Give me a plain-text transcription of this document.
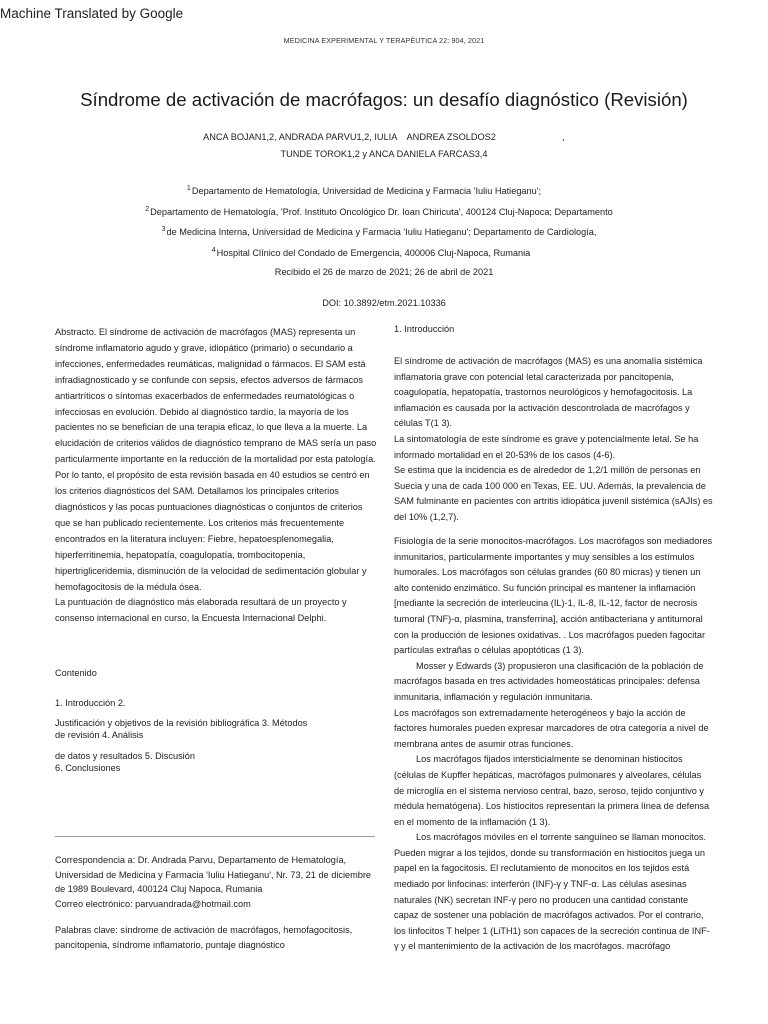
Machine Translated by Google
MEDICINA EXPERIMENTAL Y TERAPÉUTICA 22: 904, 2021
Síndrome de activación de macrófagos: un desafío diagnóstico (Revisión)
ANCA BOJAN1,2, ANDRADA PARVU1,2, IULIA    ANDREA ZSOLDOS2                          ,
TUNDE TOROK1,2 y ANCA DANIELA FARCAS3,4
$^1$Departamento de Hematología, Universidad de Medicina y Farmacia 'Iuliu Hatieganu';
$^2$Departamento de Hematología, 'Prof. Instituto Oncológico Dr. Ioan Chiricuta', 400124 Cluj-Napoca; Departamento
$^3$de Medicina Interna, Universidad de Medicina y Farmacia 'Iuliu Hatieganu'; Departamento de Cardiología,
$^4$Hospital Clínico del Condado de Emergencia, 400006 Cluj-Napoca, Rumania
Recibido el 26 de marzo de 2021; 26 de abril de 2021
DOI: 10.3892/etm.2021.10336

Abstracto. El síndrome de activación de macrófagos (MAS) representa un síndrome inflamatorio agudo y grave, idiopático (primario) o secundario a infecciones, enfermedades reumáticas, malignidad o fármacos. El SAM está infradiagnosticado y se confunde con sepsis, efectos adversos de fármacos antiartríticos o síntomas exacerbados de enfermedades reumatológicas o infecciosas en evolución. Debido al diagnóstico tardío, la mayoría de los pacientes no se benefician de una terapia eficaz, lo que lleva a la muerte. La elucidación de criterios válidos de diagnóstico temprano de MAS sería un paso particularmente importante en la reducción de la mortalidad por esta patología.

Por lo tanto, el propósito de esta revisión basada en 40 estudios se centró en los criterios diagnósticos del SAM. Detallamos los principales criterios diagnósticos y las pocas puntuaciones diagnósticas o conjuntos de criterios que se han publicado recientemente. Los criterios más frecuentemente encontrados en la literatura incluyen: Fiebre, hepatoesplenomegalia, hiperferritinemia, hepatopatía, coagulopatía, trombocitopenia, hipertrigliceridemia, disminución de la velocidad de sedimentación globular y hemofagocitosis de la médula ósea.

La puntuación de diagnóstico más elaborada resultará de un proyecto y consenso internacional en curso, la Encuesta Internacional Delphi.

Contenido

1. Introducción 2.

Justificación y objetivos de la revisión bibliográfica 3. Métodos

de revisión 4. Análisis

de datos y resultados 5. Discusión

6. Conclusiones

Correspondencia a: Dr. Andrada Parvu, Departamento de Hematología, Universidad de Medicina y Farmacia 'Iuliu Hatieganu', Nr. 73, 21 de diciembre de 1989 Boulevard, 400124 Cluj Napoca, Rumania

Correo electrónico: parvuandrada@hotmail.com

Palabras clave: síndrome de activación de macrófagos, hemofagocitosis, pancitopenia, síndrome inflamatorio, puntaje diagnóstico
1. Introducción

El síndrome de activación de macrófagos (MAS) es una anomalía sistémica inflamatoria grave con potencial letal caracterizada por pancitopenia, coagulopatía, hepatopatía, trastornos neurológicos y hemofagocitosis. La inflamación es causada por la activación descontrolada de macrófagos y células T(1 3).

La sintomatología de este síndrome es grave y potencialmente letal. Se ha informado mortalidad en el 20-53% de los casos (4-6).

Se estima que la incidencia es de alrededor de 1,2/1 millón de personas en Suecia y una de cada 100 000 en Texas, EE. UU. Además, la prevalencia de SAM fulminante en pacientes con artritis idiopática juvenil sistémica (sAJIs) es del 10% (1,2,7).

Fisiología de la serie monocitos-macrófagos. Los macrófagos son mediadores inmunitarios, particularmente importantes y muy sensibles a los estímulos humorales. Los macrófagos son células grandes (60 80 micras) y tienen un alto contenido enzimático. Su función principal es mantener la inflamación [mediante la secreción de interleucina (IL)-1, IL-8, IL-12, factor de necrosis tumoral (TNF)-α, plasmina, transferrina], acción antibacteriana y antitumoral con la producción de lesiones oxidativas. . Los macrófagos pueden fagocitar partículas extrañas o células apoptóticas (1 3).

Mosser y Edwards (3) propusieron una clasificación de la población de macrófagos basada en tres actividades homeostáticas principales: defensa inmunitaria, inflamación y regulación inmunitaria.

Los macrófagos son extremadamente heterogéneos y bajo la acción de factores humorales pueden expresar marcadores de otra categoría a nivel de membrana antes de asumir otras funciones.

Los macrófagos fijados intersticialmente se denominan histiocitos (células de Kupffer hepáticas, macrófagos pulmonares y alveolares, células de microglía en el sistema nervioso central, bazo, seroso, tejido conjuntivo y médula hematógena). Los histiocitos representan la primera línea de defensa en el momento de la inflamación (1 3).

Los macrófagos móviles en el torrente sanguíneo se llaman monocitos. Pueden migrar a los tejidos, donde su transformación en histiocitos juega un papel en la fagocitosis. El reclutamiento de monocitos en los tejidos está mediado por linfocinas: interferón (INF)-γ y TNF-α. Las células asesinas naturales (NK) secretan INF-γ pero no producen una cantidad constante capaz de sostener una población de macrófagos activados. Por el contrario, los linfocitos T helper 1 (LiTH1) son capaces de la secreción continua de INF-γ y el mantenimiento de la activación de los macrófagos. macrófago
